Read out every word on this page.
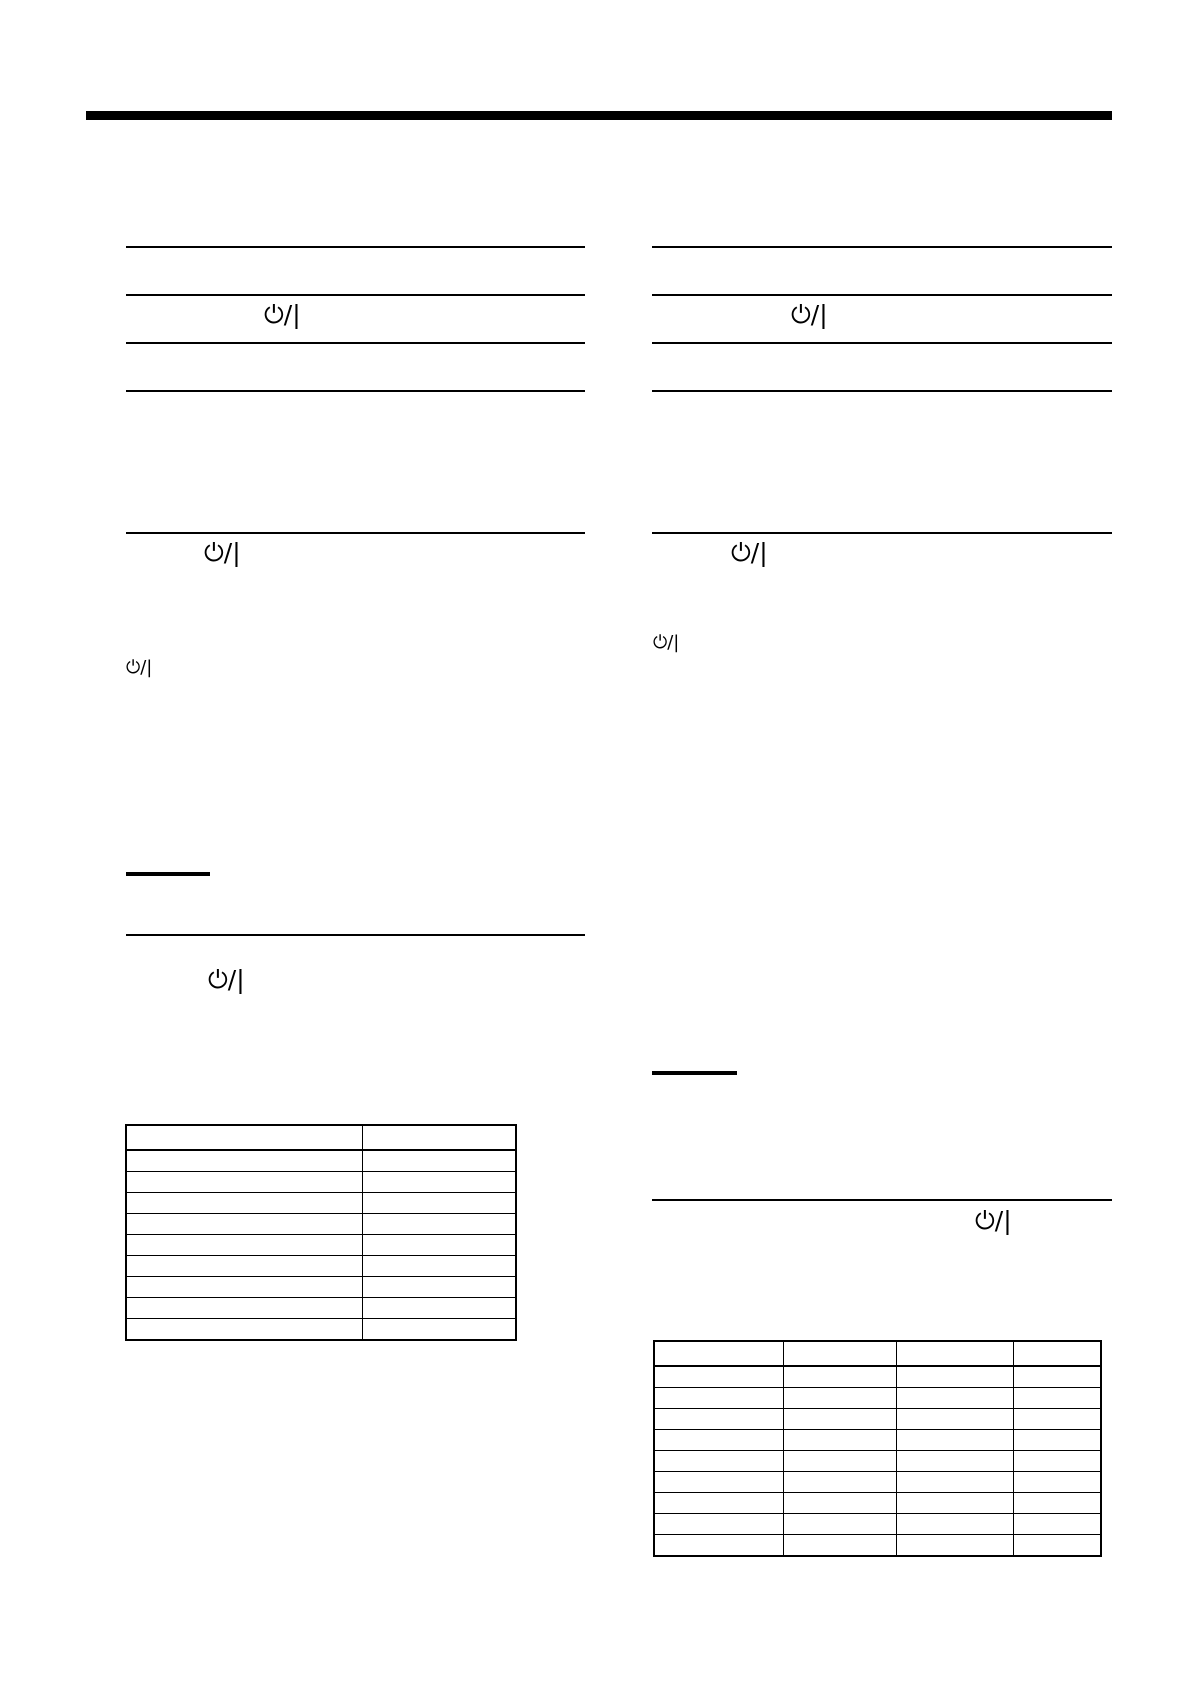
⏻/|
⏻/|
⏻/|
⏻/|

⏻/|
⏻/|
⏻/|
⏻/|
